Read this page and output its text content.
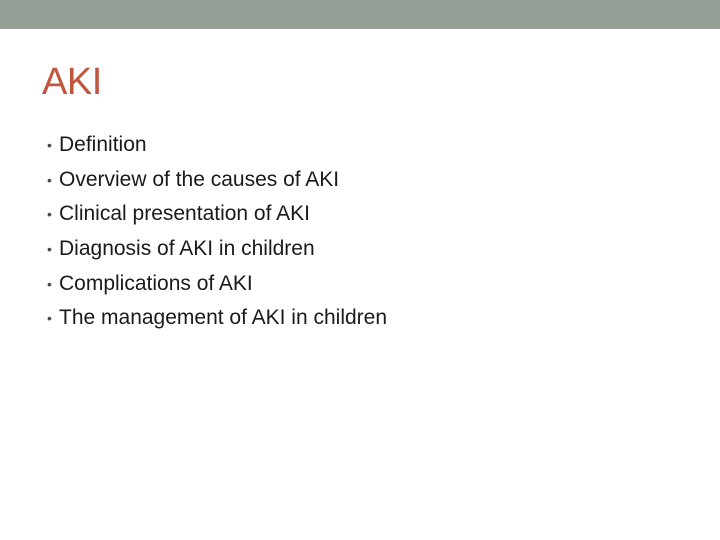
AKI
• Definition
• Overview of the causes of AKI
• Clinical presentation of AKI
• Diagnosis of AKI in children
• Complications of AKI
• The management of AKI in children
